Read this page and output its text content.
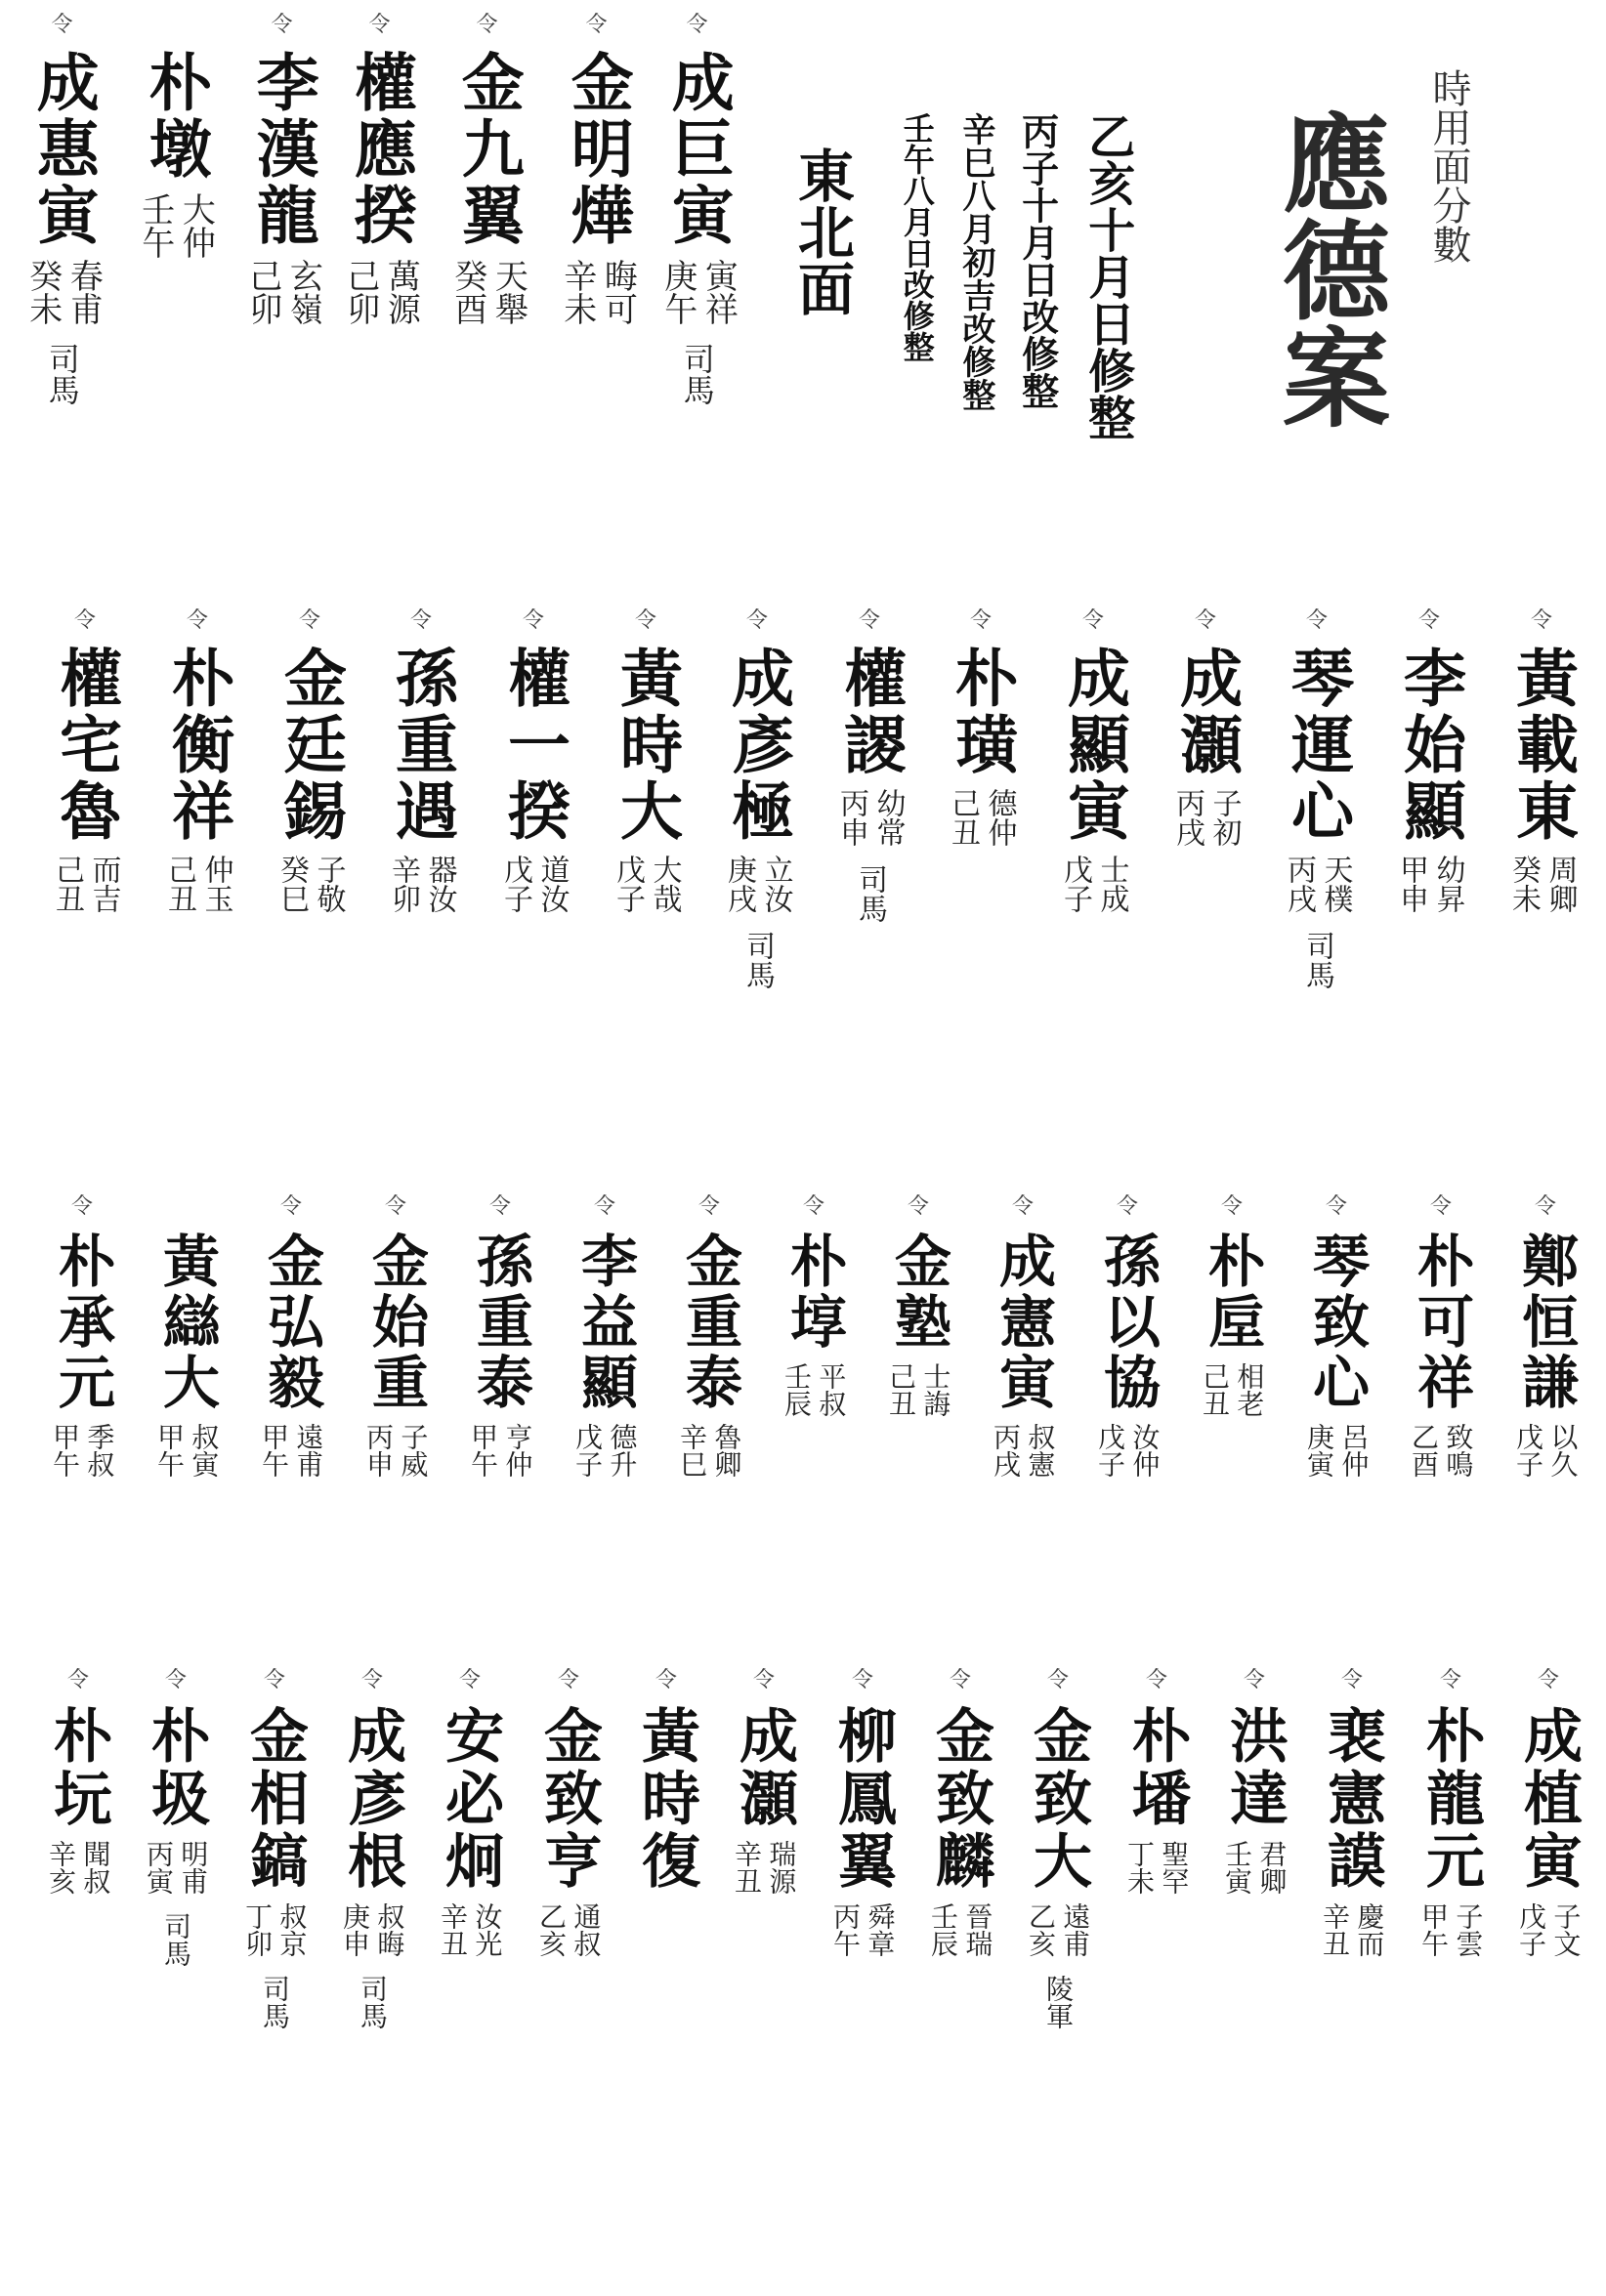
時用面分數
應德案
乙亥十月日修整
丙子十月日改修整
辛巳八月初吉改修整
壬午八月日改修整
東北面
令
成巨寅
寅祥
庚午
司馬
令
金明燁
晦可
辛未
令
金九翼
天舉
癸酉
令
權應揆
萬源
己卯
令
李漢龍
玄嶺
己卯
朴墩
大仲
壬午
令
成惠寅
春甫
癸未
司馬
令
黃載東
周卿
癸未
令
李始顯
幼昇
甲申
令
琴運心
天樸
丙戌
司馬
令
成灝
子初
丙戌
令
成顯寅
士成
戊子
令
朴璜
德仲
己丑
令
權謖
幼常
丙申
司馬
令
成彥極
立汝
庚戌
司馬
令
黃時大
大哉
戊子
令
權一揆
道汝
戊子
令
孫重遇
器汝
辛卯
令
金廷錫
子敬
癸巳
令
朴衡祥
仲玉
己丑
令
權宅魯
而吉
己丑
令
鄭恒謙
以久
戊子
令
朴可祥
致鳴
乙酉
令
琴致心
呂仲
庚寅
令
朴垕
相老
己丑
令
孫以協
汝仲
戊子
令
成憲寅
叔憲
丙戌
令
金塾
士誨
己丑
令
朴埻
平叔
壬辰
令
金重泰
魯卿
辛巳
令
李益顯
德升
戊子
令
孫重泰
亨仲
甲午
令
金始重
子威
丙申
令
金弘毅
遠甫
甲午
黃䜌大
叔寅
甲午
令
朴承元
季叔
甲午
令
成植寅
子文
戊子
令
朴龍元
子雲
甲午
令
裵憲謨
慶而
辛丑
令
洪達
君卿
壬寅
令
朴墦
聖罕
丁未
令
金致大
遠甫
乙亥
陵軍
令
金致麟
晉瑞
壬辰
令
柳鳳翼
舜章
丙午
令
成灝
瑞源
辛丑
令
黃時復
令
金致亨
通叔
乙亥
令
安必炯
汝光
辛丑
令
成彥根
叔晦
庚申
司馬
令
金相鎬
叔京
丁卯
司馬
令
朴圾
明甫
丙寅
司馬
令
朴坃
聞叔
辛亥
